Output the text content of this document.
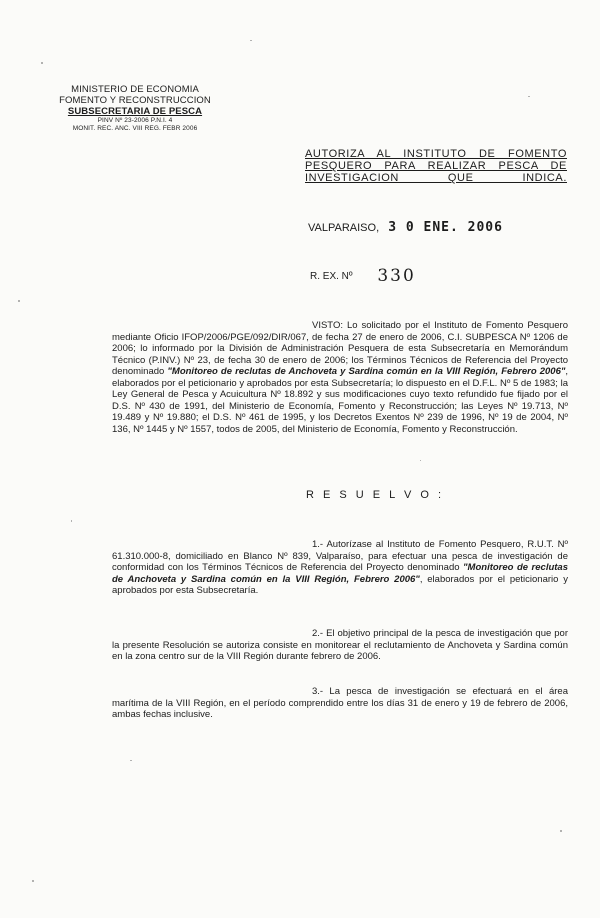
MINISTERIO DE ECONOMIA
FOMENTO Y RECONSTRUCCION
SUBSECRETARIA DE PESCA
PINV Nº 23-2006 P.N.I. 4
MONIT. REC. ANC. VIII REG. FEBR 2006
AUTORIZA AL INSTITUTO DE FOMENTO PESQUERO PARA REALIZAR PESCA DE INVESTIGACION QUE INDICA.
VALPARAISO, 3 0 ENE. 2006
R. EX. Nº 330
VISTO: Lo solicitado por el Instituto de Fomento Pesquero mediante Oficio IFOP/2006/PGE/092/DIR/067, de fecha 27 de enero de 2006, C.I. SUBPESCA Nº 1206 de 2006; lo informado por la División de Administración Pesquera de esta Subsecretaría en Memorándum Técnico (P.INV.) Nº 23, de fecha 30 de enero de 2006; los Términos Técnicos de Referencia del Proyecto denominado "Monitoreo de reclutas de Anchoveta y Sardina común en la VIII Región, Febrero 2006", elaborados por el peticionario y aprobados por esta Subsecretaría; lo dispuesto en el D.F.L. Nº 5 de 1983; la Ley General de Pesca y Acuicultura Nº 18.892 y sus modificaciones cuyo texto refundido fue fijado por el D.S. Nº 430 de 1991, del Ministerio de Economía, Fomento y Reconstrucción; las Leyes Nº 19.713, Nº 19.489 y Nº 19.880; el D.S. Nº 461 de 1995, y los Decretos Exentos Nº 239 de 1996, Nº 19 de 2004, Nº 136, Nº 1445 y Nº 1557, todos de 2005, del Ministerio de Economía, Fomento y Reconstrucción.
R E S U E L V O :
1.- Autorízase al Instituto de Fomento Pesquero, R.U.T. Nº 61.310.000-8, domiciliado en Blanco Nº 839, Valparaíso, para efectuar una pesca de investigación de conformidad con los Términos Técnicos de Referencia del Proyecto denominado "Monitoreo de reclutas de Anchoveta y Sardina común en la VIII Región, Febrero 2006", elaborados por el peticionario y aprobados por esta Subsecretaría.
2.- El objetivo principal de la pesca de investigación que por la presente Resolución se autoriza consiste en monitorear el reclutamiento de Anchoveta y Sardina común en la zona centro sur de la VIII Región durante febrero de 2006.
3.- La pesca de investigación se efectuará en el área marítima de la VIII Región, en el período comprendido entre los días 31 de enero y 19 de febrero de 2006, ambas fechas inclusive.
